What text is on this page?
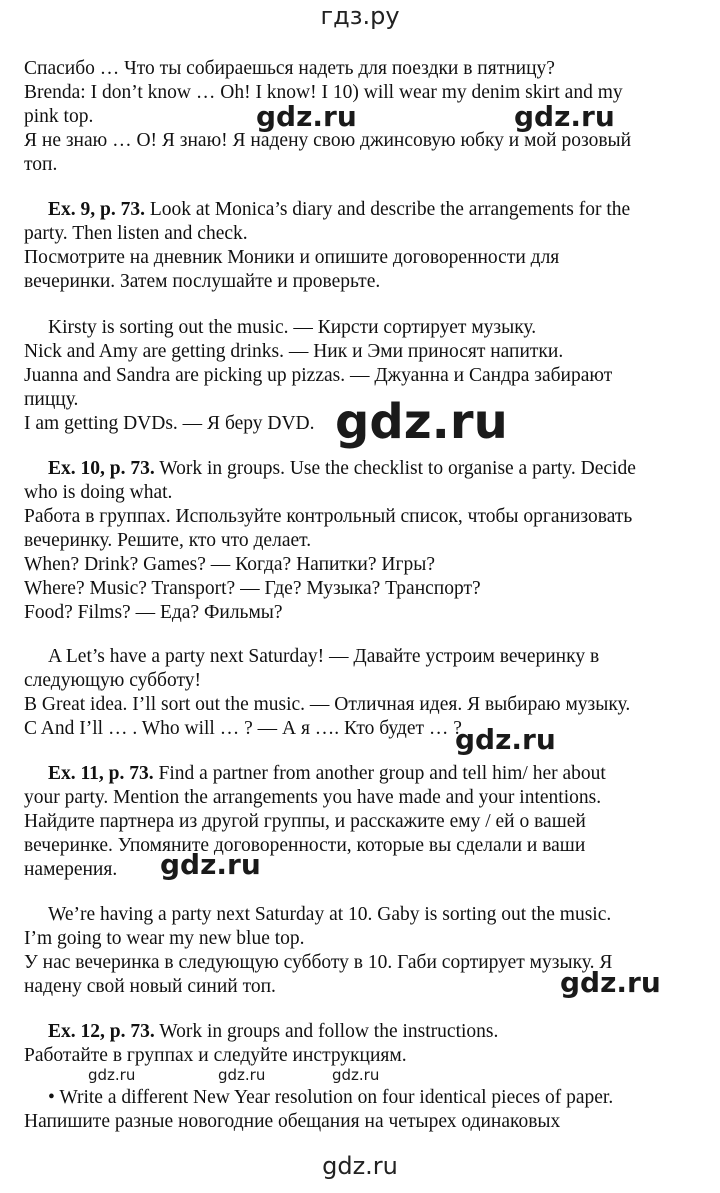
гдз.ру
Спасибо … Что ты собираешься надеть для поездки в пятницу?
Brenda: I don’t know … Oh! I know! I 10) will wear my denim skirt and my
pink top.
Я не знаю … О! Я знаю! Я надену свою джинсовую юбку и мой розовый
топ.
Ex. 9, p. 73. Look at Monica’s diary and describe the arrangements for the
party. Then listen and check.
Посмотрите на дневник Моники и опишите договоренности для
вечеринки. Затем послушайте и проверьте.
Kirsty is sorting out the music. — Кирсти сортирует музыку.
Nick and Amy are getting drinks. — Ник и Эми приносят напитки.
Juanna and Sandra are picking up pizzas. — Джуанна и Сандра забирают
пиццу.
I am getting DVDs. — Я беру DVD.
Ex. 10, p. 73. Work in groups. Use the checklist to organise a party. Decide
who is doing what.
Работа в группах. Используйте контрольный список, чтобы организовать
вечеринку. Решите, кто что делает.
When? Drink? Games? — Когда? Напитки? Игры?
Where? Music? Transport? — Где? Музыка? Транспорт?
Food? Films? — Еда? Фильмы?
A Let’s have a party next Saturday! — Давайте устроим вечеринку в
следующую субботу!
B Great idea. I’ll sort out the music. — Отличная идея. Я выбираю музыку.
C And I’ll … . Who will … ? — А я …. Кто будет … ?
Ex. 11, p. 73. Find a partner from another group and tell him/ her about
your party. Mention the arrangements you have made and your intentions.
Найдите партнера из другой группы, и расскажите ему / ей о вашей
вечеринке. Упомяните договоренности, которые вы сделали и ваши
намерения.
We’re having a party next Saturday at 10. Gaby is sorting out the music.
I’m going to wear my new blue top.
У нас вечеринка в следующую субботу в 10. Габи сортирует музыку. Я
надену свой новый синий топ.
Ex. 12, p. 73. Work in groups and follow the instructions.
Работайте в группах и следуйте инструкциям.
• Write a different New Year resolution on four identical pieces of paper.
Напишите разные новогодние обещания на четырех одинаковых
gdz.ru	gdz.ru
gdz.ru
gdz.ru
gdz.ru
gdz.ru
gdz.ru	gdz.ru	gdz.ru
gdz.ru
